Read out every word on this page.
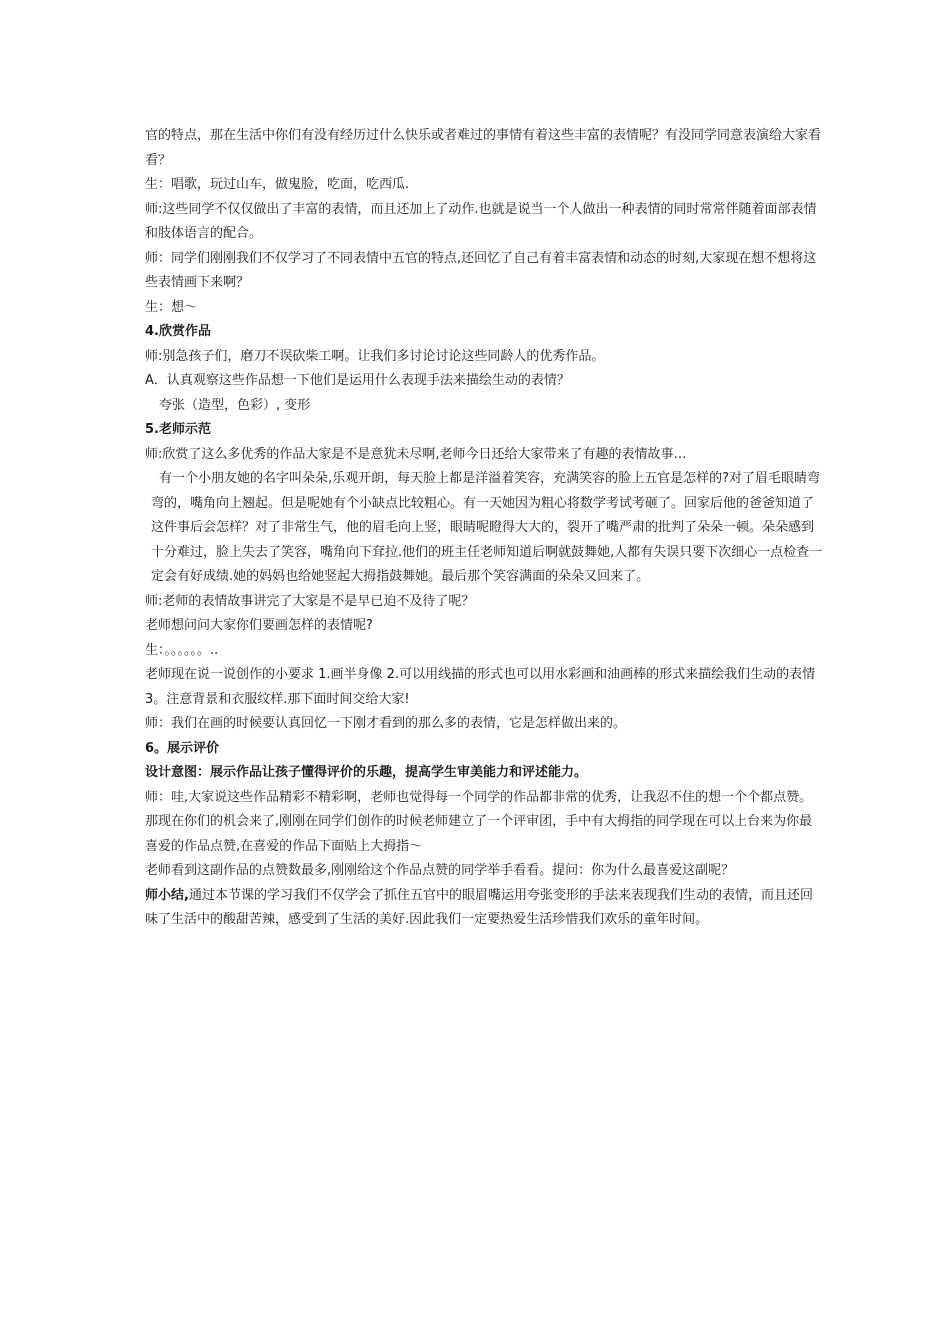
官的特点，那在生活中你们有没有经历过什么快乐或者难过的事情有着这些丰富的表情呢？有没同学同意表演给大家看看？

生：唱歌，玩过山车，做鬼脸，吃面，吃西瓜.

师:这些同学不仅仅做出了丰富的表情，而且还加上了动作.也就是说当一个人做出一种表情的同时常常伴随着面部表情和肢体语言的配合。

师：同学们刚刚我们不仅学习了不同表情中五官的特点,还回忆了自己有着丰富表情和动态的时刻,大家现在想不想将这些表情画下来啊？

生：想～

4.欣赏作品

师:别急孩子们，磨刀不误砍柴工啊。让我们多讨论讨论这些同龄人的优秀作品。

A．认真观察这些作品想一下他们是运用什么表现手法来描绘生动的表情？

夸张（造型，色彩）, 变形

5.老师示范

师:欣赏了这么多优秀的作品大家是不是意犹未尽啊,老师今日还给大家带来了有趣的表情故事…

有一个小朋友她的名字叫朵朵,乐观开朗，每天脸上都是洋溢着笑容，充满笑容的脸上五官是怎样的?对了眉毛眼睛弯弯的，嘴角向上翘起。但是呢她有个小缺点比较粗心。有一天她因为粗心将数学考试考砸了。回家后他的爸爸知道了这件事后会怎样？对了非常生气，他的眉毛向上竖，眼睛呢瞪得大大的，裂开了嘴严肃的批判了朵朵一顿。朵朵感到十分难过，脸上失去了笑容，嘴角向下耷拉.他们的班主任老师知道后啊就鼓舞她,人都有失误只要下次细心一点检查一定会有好成绩.她的妈妈也给她竖起大拇指鼓舞她。最后那个笑容满面的朵朵又回来了。

师:老师的表情故事讲完了大家是不是早已迫不及待了呢？

老师想问问大家你们要画怎样的表情呢?

生：。。。。。。..

老师现在说一说创作的小要求 1.画半身像 2.可以用线描的形式也可以用水彩画和油画棒的形式来描绘我们生动的表情 3。注意背景和衣服纹样.那下面时间交给大家!

师：我们在画的时候要认真回忆一下刚才看到的那么多的表情，它是怎样做出来的。

6。展示评价

设计意图：展示作品让孩子懂得评价的乐趣，提高学生审美能力和评述能力。

师：哇,大家说这些作品精彩不精彩啊，老师也觉得每一个同学的作品都非常的优秀，让我忍不住的想一个个都点赞。那现在你们的机会来了,刚刚在同学们创作的时候老师建立了一个评审团，手中有大拇指的同学现在可以上台来为你最喜爱的作品点赞,在喜爱的作品下面贴上大拇指～

老师看到这副作品的点赞数最多,刚刚给这个作品点赞的同学举手看看。提问：你为什么最喜爱这副呢？

师小结,通过本节课的学习我们不仅学会了抓住五官中的眼眉嘴运用夸张变形的手法来表现我们生动的表情，而且还回味了生活中的酸甜苦辣，感受到了生活的美好.因此我们一定要热爱生活珍惜我们欢乐的童年时间。
